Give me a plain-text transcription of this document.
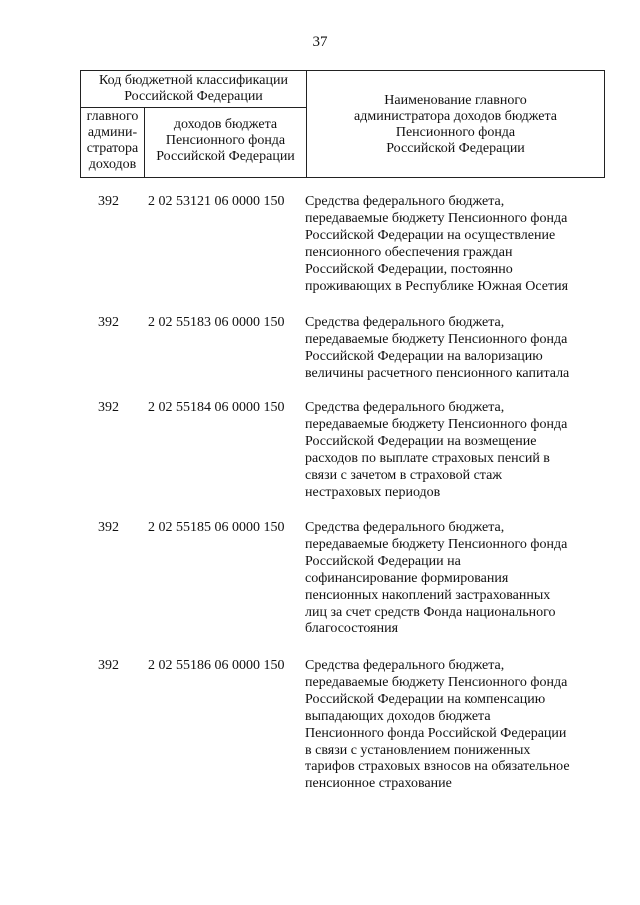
37
Код бюджетной классификации
Российской Федерации
главного
админи-
стратора
доходов
доходов бюджета
Пенсионного фонда
Российской Федерации
Наименование главного
администратора доходов бюджета
Пенсионного фонда
Российской Федерации
392 2 02 53121 06 0000 150 Средства федерального бюджета,
передаваемые бюджету Пенсионного фонда
Российской Федерации на осуществление
пенсионного обеспечения граждан
Российской Федерации, постоянно
проживающих в Республике Южная Осетия
392 2 02 55183 06 0000 150 Средства федерального бюджета,
передаваемые бюджету Пенсионного фонда
Российской Федерации на валоризацию
величины расчетного пенсионного капитала
392 2 02 55184 06 0000 150 Средства федерального бюджета,
передаваемые бюджету Пенсионного фонда
Российской Федерации на возмещение
расходов по выплате страховых пенсий в
связи с зачетом в страховой стаж
нестраховых периодов
392 2 02 55185 06 0000 150 Средства федерального бюджета,
передаваемые бюджету Пенсионного фонда
Российской Федерации на
софинансирование формирования
пенсионных накоплений застрахованных
лиц за счет средств Фонда национального
благосостояния
392 2 02 55186 06 0000 150 Средства федерального бюджета,
передаваемые бюджету Пенсионного фонда
Российской Федерации на компенсацию
выпадающих доходов бюджета
Пенсионного фонда Российской Федерации
в связи с установлением пониженных
тарифов страховых взносов на обязательное
пенсионное страхование
